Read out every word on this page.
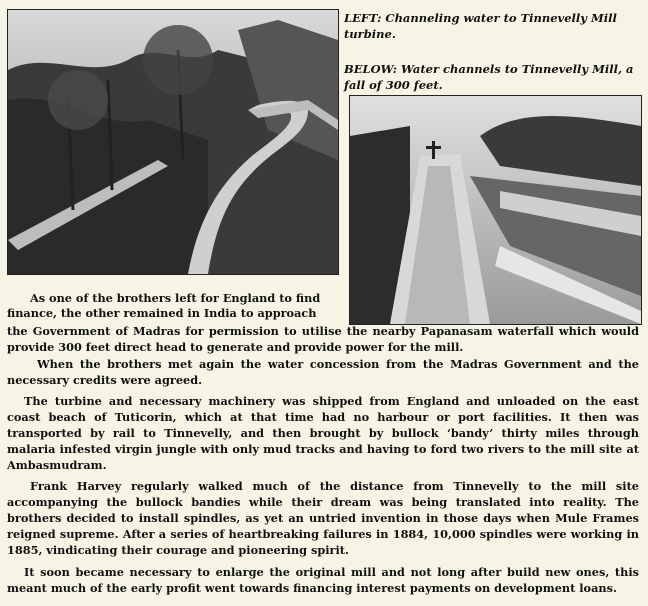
LEFT: Channeling water to Tinnevelly Mill turbine.
BELOW: Water channels to Tinnevelly Mill, a fall of 300 feet.
As one of the brothers left for England to find
finance, the other remained in India to approach
the Government of Madras for permission to utilise the nearby Papanasam waterfall which would
provide 300 feet direct head to generate and provide power for the mill.
When the brothers met again the water concession from the Madras Government and the
necessary credits were agreed.
The turbine and necessary machinery was shipped from England and unloaded on the east
coast beach of Tuticorin, which at that time had no harbour or port facilities. It then was
transported by rail to Tinnevelly, and then brought by bullock ‘bandy’ thirty miles through
malaria infested virgin jungle with only mud tracks and having to ford two rivers to the mill site at
Ambasmudram.
Frank Harvey regularly walked much of the distance from Tinnevelly to the mill site
accompanying the bullock bandies while their dream was being translated into reality. The
brothers decided to install spindles, as yet an untried invention in those days when Mule Frames
reigned supreme. After a series of heartbreaking failures in 1884, 10,000 spindles were working in
1885, vindicating their courage and pioneering spirit.
It soon became necessary to enlarge the original mill and not long after build new ones, this
meant much of the early profit went towards financing interest payments on development loans.
